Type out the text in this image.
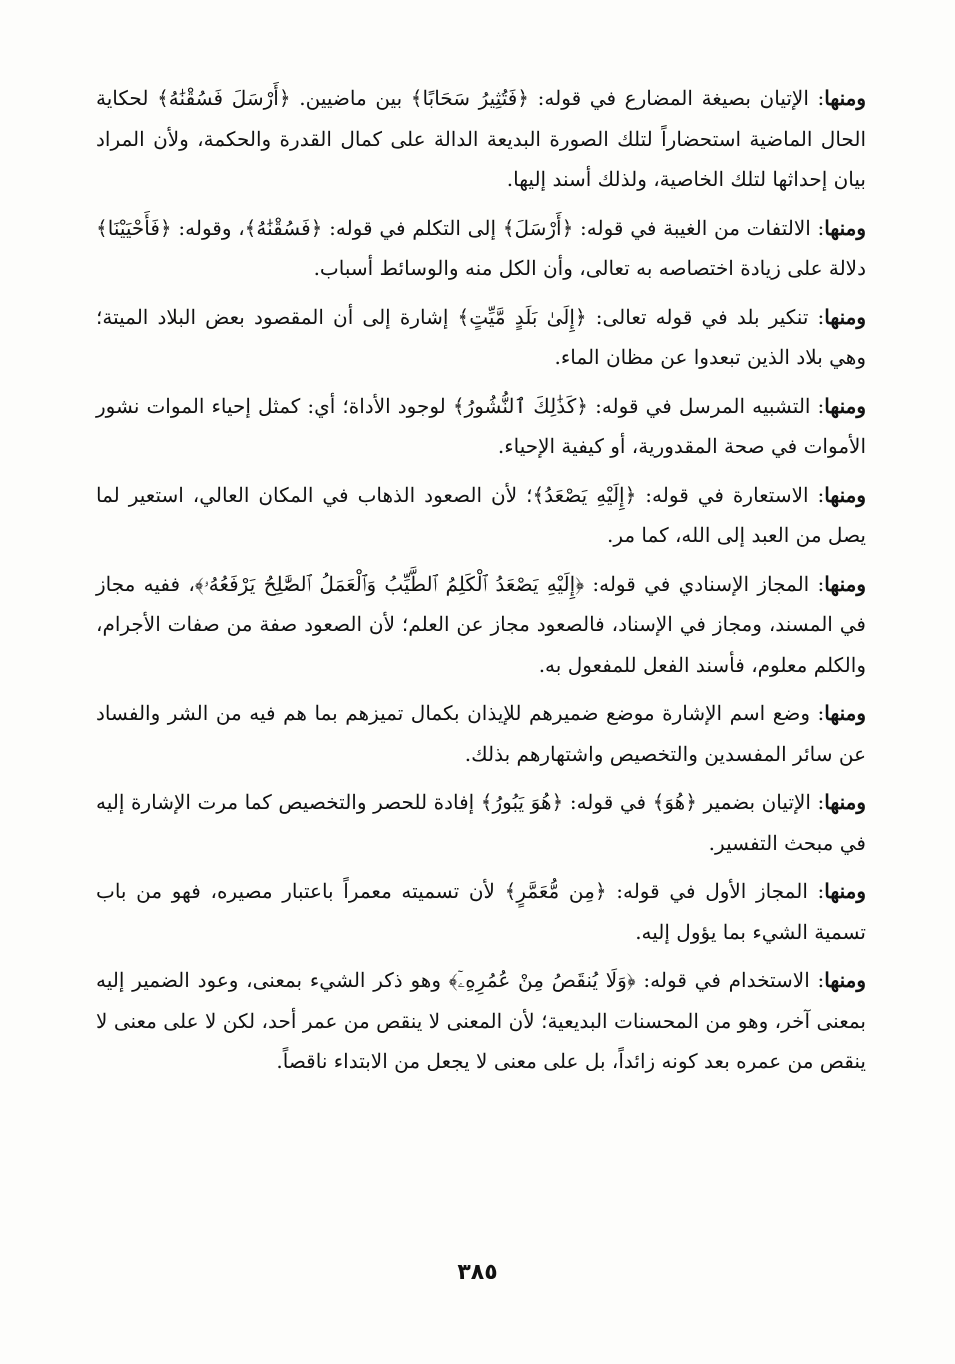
ومنها: الإتيان بصيغة المضارع في قوله: ﴿فَتُثِيرُ سَحَابًا﴾ بين ماضيين. ﴿أَرْسَلَ فَسُقْنَٰهُ﴾ لحكاية الحال الماضية استحضاراً لتلك الصورة البديعة الدالة على كمال القدرة والحكمة، ولأن المراد بيان إحداثها لتلك الخاصية، ولذلك أسند إليها.

ومنها: الالتفات من الغيبة في قوله: ﴿أَرْسَلَ﴾ إلى التكلم في قوله: ﴿فَسُقْنَٰهُ﴾، وقوله: ﴿فَأَحْيَيْنَا﴾ دلالة على زيادة اختصاصه به تعالى، وأن الكل منه والوسائط أسباب.

ومنها: تنكير بلد في قوله تعالى: ﴿إِلَىٰ بَلَدٍ مَّيِّتٍ﴾ إشارة إلى أن المقصود بعض البلاد الميتة؛ وهي بلاد الذين تبعدوا عن مظان الماء.

ومنها: التشبيه المرسل في قوله: ﴿كَذَٰلِكَ ٱلنُّشُورُ﴾ لوجود الأداة؛ أي: كمثل إحياء الموات نشور الأموات في صحة المقدورية، أو كيفية الإحياء.

ومنها: الاستعارة في قوله: ﴿إِلَيْهِ يَصْعَدُ﴾؛ لأن الصعود الذهاب في المكان العالي، استعير لما يصل من العبد إلى الله، كما مر.

ومنها: المجاز الإسنادي في قوله: ﴿إِلَيْهِ يَصْعَدُ ٱلْكَلِمُ ٱلطَّيِّبُ وَٱلْعَمَلُ ٱلصَّٰلِحُ يَرْفَعُهُۥ﴾، ففيه مجاز في المسند، ومجاز في الإسناد، فالصعود مجاز عن العلم؛ لأن الصعود صفة من صفات الأجرام، والكلم معلوم، فأسند الفعل للمفعول به.

ومنها: وضع اسم الإشارة موضع ضميرهم للإيذان بكمال تميزهم بما هم فيه من الشر والفساد عن سائر المفسدين والتخصيص واشتهارهم بذلك.

ومنها: الإتيان بضمير ﴿هُوَ﴾ في قوله: ﴿هُوَ يَبُورُ﴾ إفادة للحصر والتخصيص كما مرت الإشارة إليه في مبحث التفسير.

ومنها: المجاز الأول في قوله: ﴿مِن مُّعَمَّرٍ﴾ لأن تسميته معمراً باعتبار مصيره، فهو من باب تسمية الشيء بما يؤول إليه.

ومنها: الاستخدام في قوله: ﴿وَلَا يُنقَصُ مِنْ عُمُرِهِۦٓ﴾ وهو ذكر الشيء بمعنى، وعود الضمير إليه بمعنى آخر، وهو من المحسنات البديعية؛ لأن المعنى لا ينقص من عمر أحد، لكن لا على معنى لا ينقص من عمره بعد كونه زائداً، بل على معنى لا يجعل من الابتداء ناقصاً.

٣٨٥
